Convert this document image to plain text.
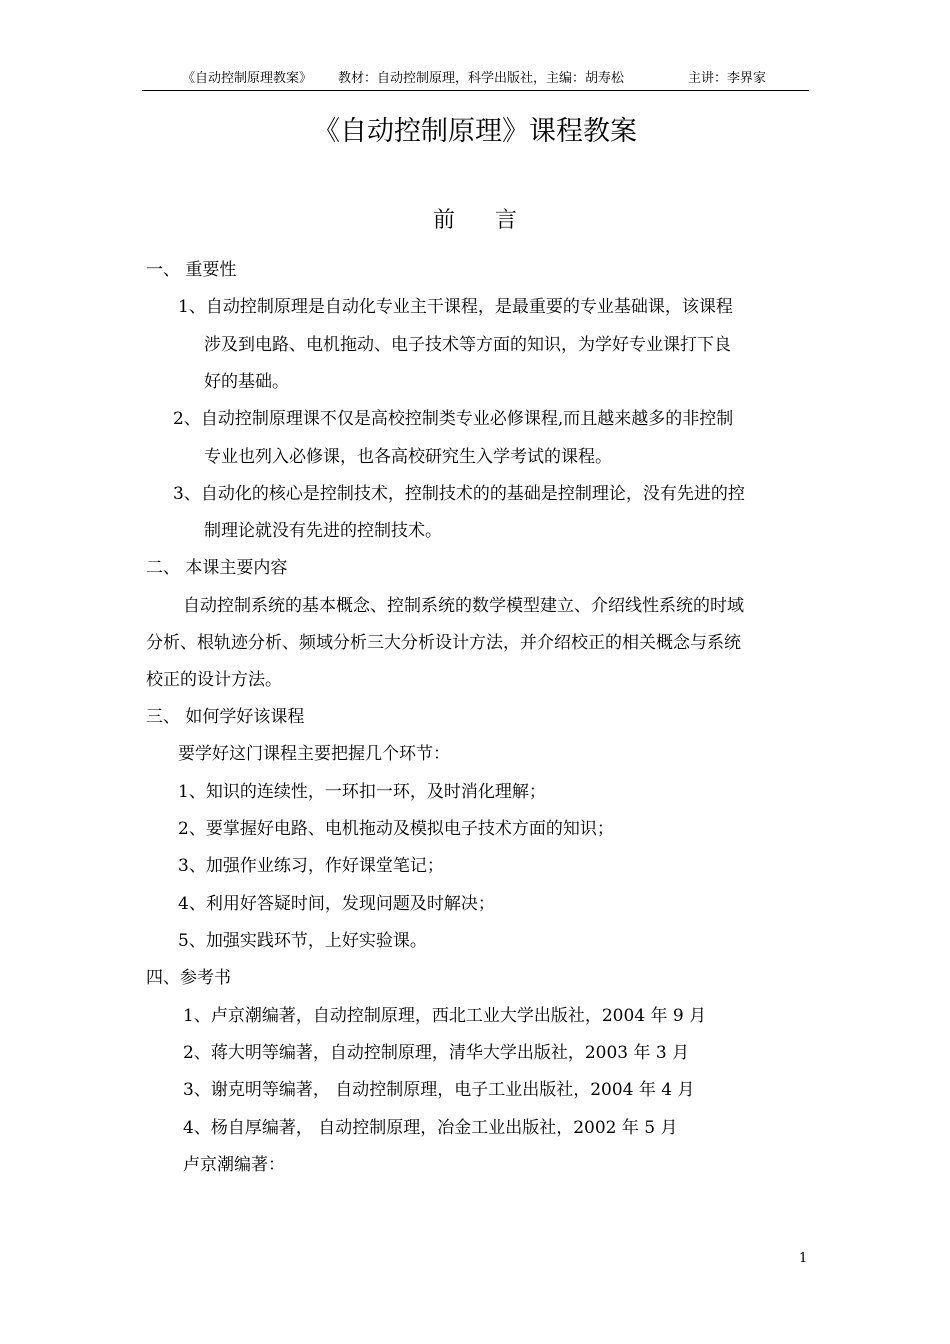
《自动控制原理教案》 教材：自动控制原理，科学出版社，主编：胡寿松	主讲：李界家
《自动控制原理》课程教案
前 言
一、 重要性
1、自动控制原理是自动化专业主干课程，是最重要的专业基础课，该课程
涉及到电路、电机拖动、电子技术等方面的知识，为学好专业课打下良
好的基础。
2、自动控制原理课不仅是高校控制类专业必修课程,而且越来越多的非控制
专业也列入必修课，也各高校研究生入学考试的课程。
3、自动化的核心是控制技术，控制技术的的基础是控制理论，没有先进的控
制理论就没有先进的控制技术。
二、 本课主要内容
自动控制系统的基本概念、控制系统的数学模型建立、介绍线性系统的时域
分析、根轨迹分析、频域分析三大分析设计方法，并介绍校正的相关概念与系统
校正的设计方法。
三、 如何学好该课程
要学好这门课程主要把握几个环节：
1、知识的连续性，一环扣一环，及时消化理解；
2、要掌握好电路、电机拖动及模拟电子技术方面的知识；
3、加强作业练习，作好课堂笔记；
4、利用好答疑时间，发现问题及时解决；
5、加强实践环节，上好实验课。
四、参考书
1、卢京潮编著，自动控制原理，西北工业大学出版社，2004 年 9 月
2、蒋大明等编著，自动控制原理，清华大学出版社，2003 年 3 月
3、谢克明等编著， 自动控制原理，电子工业出版社，2004 年 4 月
4、杨自厚编著， 自动控制原理，冶金工业出版社，2002 年 5 月
卢京潮编著：
1
